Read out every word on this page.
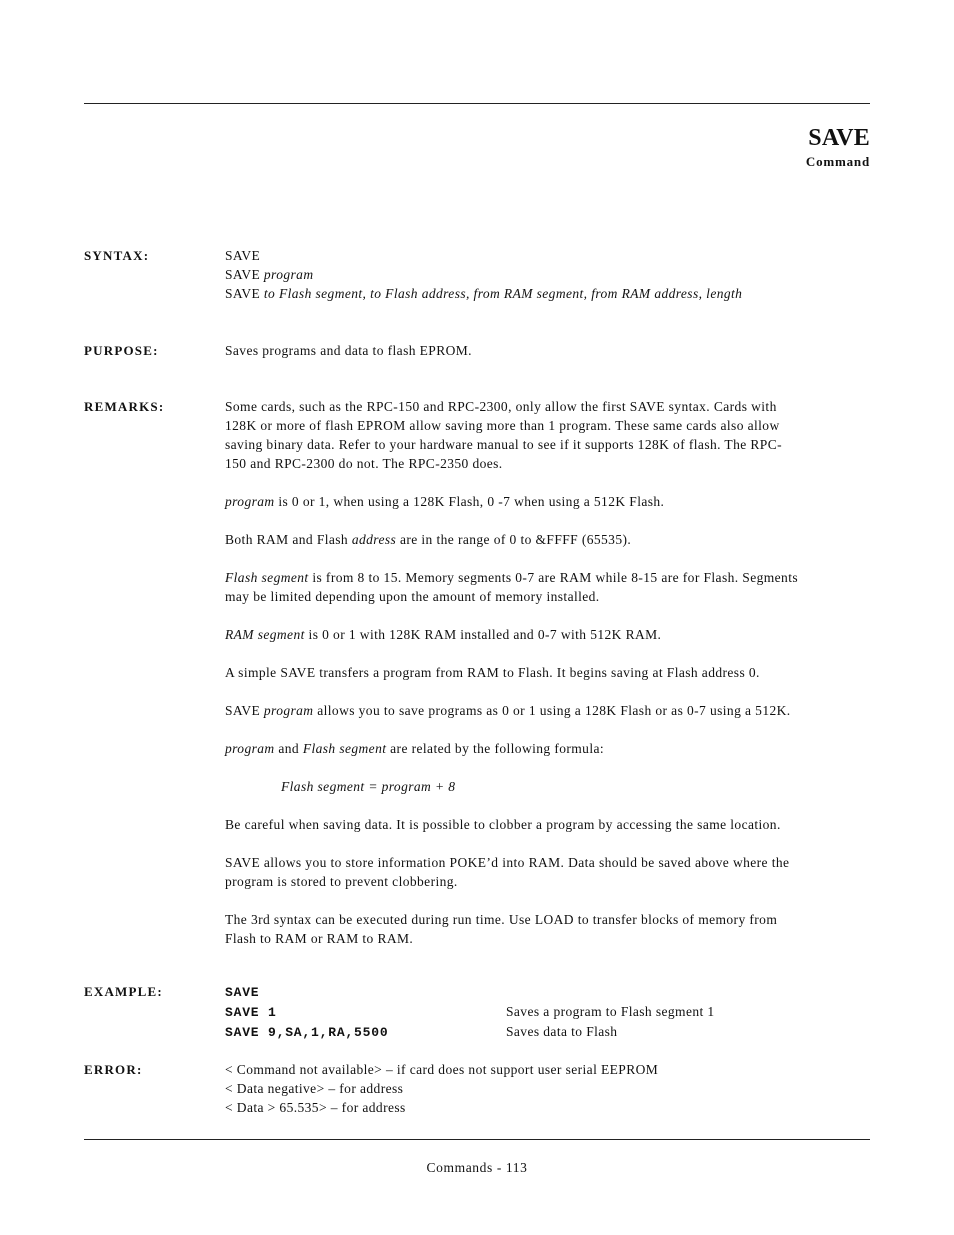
SAVE
Command
SYNTAX:	SAVE
SAVE program
SAVE to Flash segment, to Flash address, from RAM segment, from RAM address, length
PURPOSE:	Saves programs and data to flash EPROM.
REMARKS:	Some cards, such as the RPC-150 and RPC-2300, only allow the first SAVE syntax. Cards with
128K or more of flash EPROM allow saving more than 1 program. These same cards also allow
saving binary data. Refer to your hardware manual to see if it supports 128K of flash. The RPC-
150 and RPC-2300 do not. The RPC-2350 does.

program is 0 or 1, when using a 128K Flash, 0 -7 when using a 512K Flash.

Both RAM and Flash address are in the range of 0 to &FFFF (65535).

Flash segment is from 8 to 15. Memory segments 0-7 are RAM while 8-15 are for Flash. Segments
may be limited depending upon the amount of memory installed.

RAM segment is 0 or 1 with 128K RAM installed and 0-7 with 512K RAM.

A simple SAVE transfers a program from RAM to Flash. It begins saving at Flash address 0.

SAVE program allows you to save programs as 0 or 1 using a 128K Flash or as 0-7 using a 512K.

program and Flash segment are related by the following formula:

Flash segment = program + 8

Be careful when saving data. It is possible to clobber a program by accessing the same location.

SAVE allows you to store information POKE’d into RAM. Data should be saved above where the
program is stored to prevent clobbering.

The 3rd syntax can be executed during run time. Use LOAD to transfer blocks of memory from
Flash to RAM or RAM to RAM.

EXAMPLE:	SAVE
SAVE 1	Saves a program to Flash segment 1
SAVE 9,SA,1,RA,5500	Saves data to Flash
ERROR:	< Command not available> – if card does not support user serial EEPROM
< Data negative> – for address
< Data > 65.535> – for address
Commands - 113
